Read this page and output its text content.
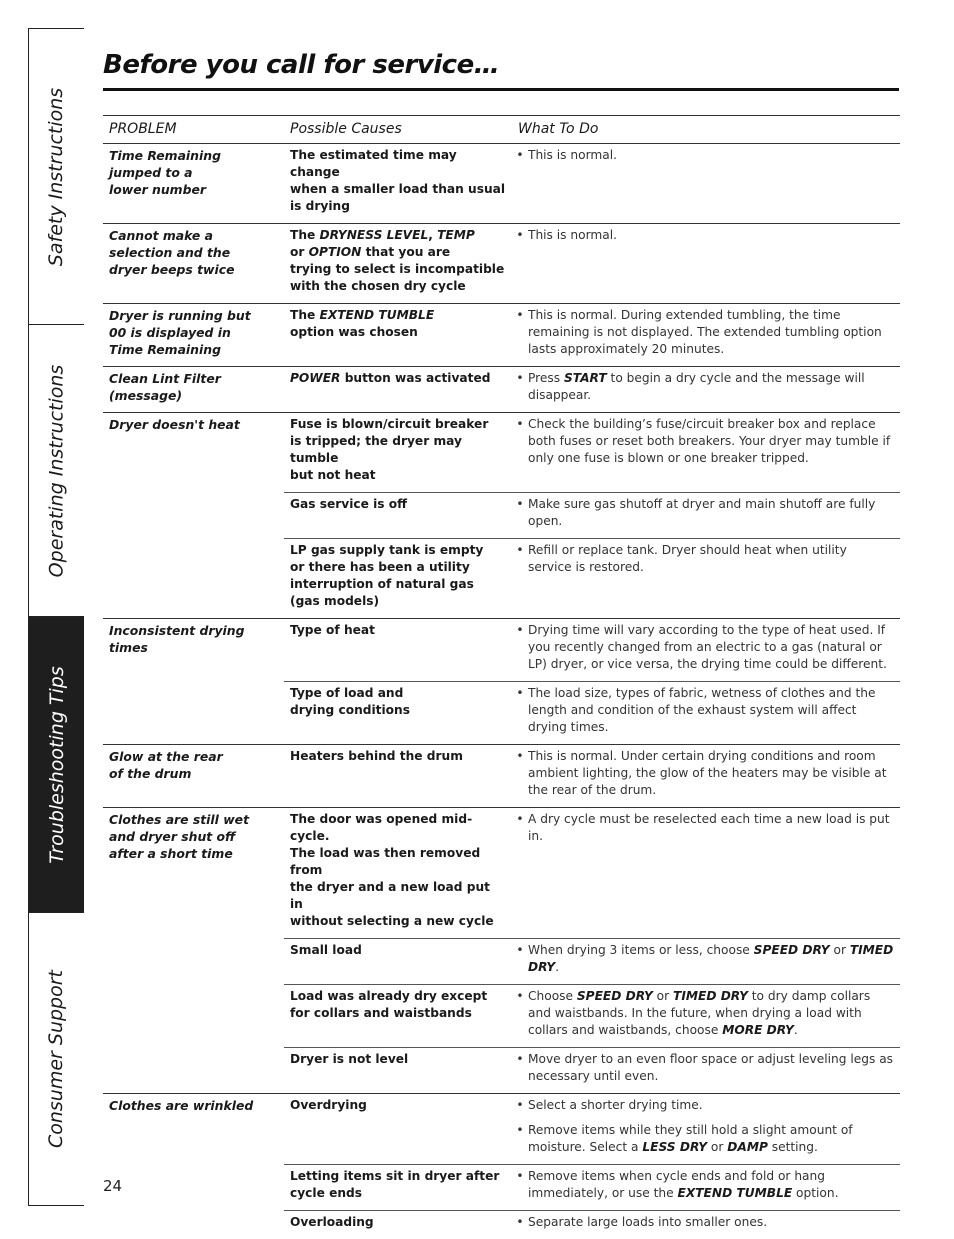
Safety Instructions
Operating Instructions
Troubleshooting Tips
Consumer Support
Before you call for service…
PROBLEM	Possible Causes	What To Do
Time Remaining
jumped to a
lower number	The estimated time may change
when a smaller load than usual
is drying	• This is normal.

Cannot make a
selection and the
dryer beeps twice	The DRYNESS LEVEL, TEMP
or OPTION that you are
trying to select is incompatible
with the chosen dry cycle	• This is normal.

Dryer is running but
00 is displayed in
Time Remaining	The EXTEND TUMBLE
option was chosen	• This is normal. During extended tumbling, the time remaining is not displayed. The extended tumbling option lasts approximately 20 minutes.

Clean Lint Filter (message)	POWER button was activated	• Press START to begin a dry cycle and the message will disappear.

Dryer doesn't heat	Fuse is blown/circuit breaker
is tripped; the dryer may tumble
but not heat	• Check the building’s fuse/circuit breaker box and replace both fuses or reset both breakers. Your dryer may tumble if only one fuse is blown or one breaker tripped.

	Gas service is off	• Make sure gas shutoff at dryer and main shutoff are fully open.

	LP gas supply tank is empty
or there has been a utility
interruption of natural gas
(gas models)	• Refill or replace tank. Dryer should heat when utility service is restored.

Inconsistent drying times	Type of heat	• Drying time will vary according to the type of heat used. If you recently changed from an electric to a gas (natural or LP) dryer, or vice versa, the drying time could be different.

	Type of load and
drying conditions	• The load size, types of fabric, wetness of clothes and the length and condition of the exhaust system will affect drying times.

Glow at the rear
of the drum	Heaters behind the drum	• This is normal. Under certain drying conditions and room ambient lighting, the glow of the heaters may be visible at the rear of the drum.

Clothes are still wet
and dryer shut off
after a short time	The door was opened mid-cycle.
The load was then removed from
the dryer and a new load put in
without selecting a new cycle	• A dry cycle must be reselected each time a new load is put in.

	Small load	• When drying 3 items or less, choose SPEED DRY or TIMED DRY.

	Load was already dry except
for collars and waistbands	• Choose SPEED DRY or TIMED DRY to dry damp collars and waistbands. In the future, when drying a load with collars and waistbands, choose MORE DRY.

	Dryer is not level	• Move dryer to an even floor space or adjust leveling legs as necessary until even.

Clothes are wrinkled	Overdrying	• Select a shorter drying time.
• Remove items while they still hold a slight amount of moisture. Select a LESS DRY or DAMP setting.

	Letting items sit in dryer after
cycle ends	• Remove items when cycle ends and fold or hang immediately, or use the EXTEND TUMBLE option.

	Overloading	• Separate large loads into smaller ones.
24
